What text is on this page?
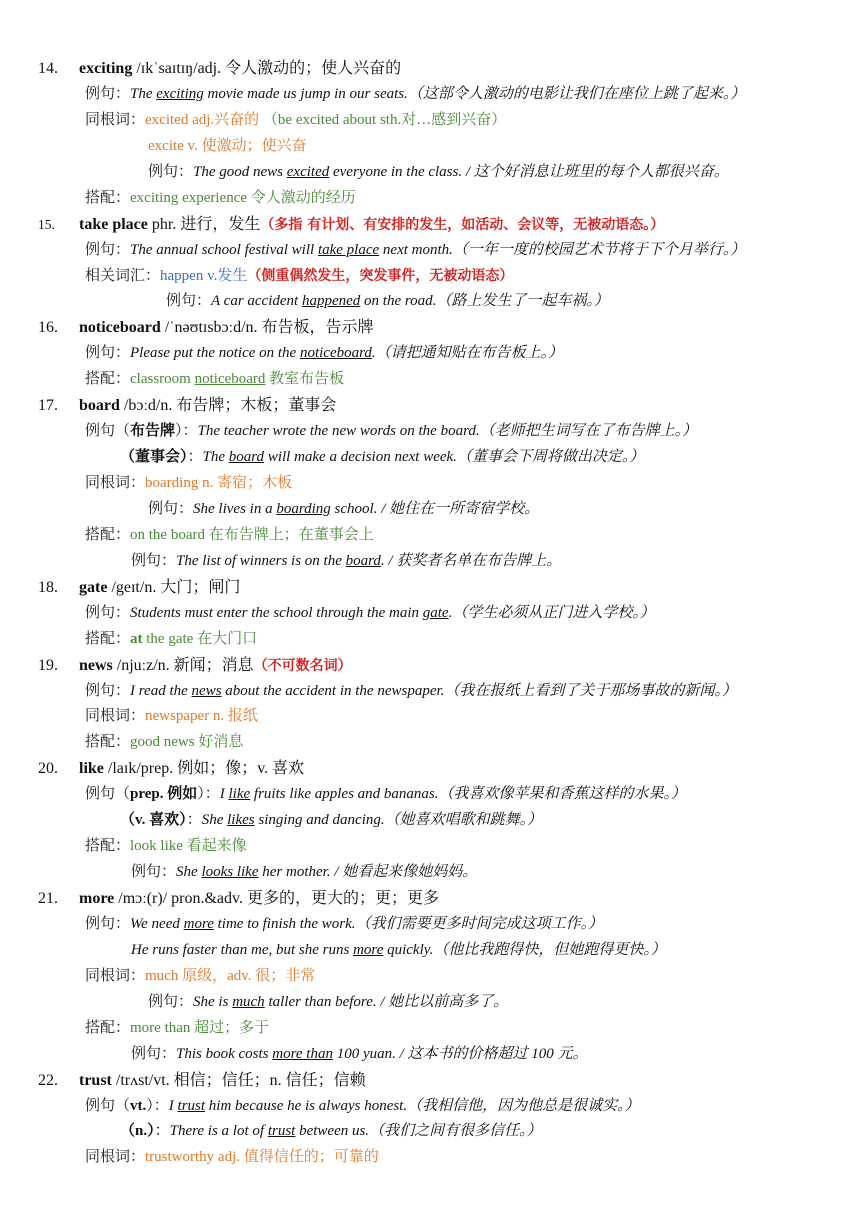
14. exciting /ɪkˈsaɪtɪŋ/adj. 令人激动的；使人兴奋的
例句：The exciting movie made us jump in our seats.（这部令人激动的电影让我们在座位上跳了起来。）
同根词：excited adj.兴奋的 （be excited about sth.对…感到兴奋）
excite v. 使激动；使兴奋
例句：The good news excited everyone in the class. / 这个好消息让班里的每个人都很兴奋。
搭配：exciting experience 令人激动的经历
15. take place phr. 进行，发生（多指 有计划、有安排的发生，如活动、会议等，无被动语态。）
例句：The annual school festival will take place next month.（一年一度的校园艺术节将于下个月举行。）
相关词汇：happen v.发生（侧重偶然发生，突发事件，无被动语态）
例句：A car accident happened on the road.（路上发生了一起车祸。）
16. noticeboard /ˈnəʊtɪsbɔːd/n. 布告板，告示牌
例句：Please put the notice on the noticeboard.（请把通知贴在布告板上。）
搭配：classroom noticeboard 教室布告板
17. board /bɔːd/n. 布告牌；木板；董事会
例句（布告牌）：The teacher wrote the new words on the board.（老师把生词写在了布告牌上。）
（董事会）：The board will make a decision next week.（董事会下周将做出决定。）
同根词：boarding n. 寄宿；木板
例句：She lives in a boarding school. / 她住在一所寄宿学校。
搭配：on the board 在布告牌上；在董事会上
例句：The list of winners is on the board. / 获奖者名单在布告牌上。
18. gate /geɪt/n. 大门；闸门
例句：Students must enter the school through the main gate.（学生必须从正门进入学校。）
搭配：at the gate 在大门口
19. news /njuːz/n. 新闻；消息（不可数名词）
例句：I read the news about the accident in the newspaper.（我在报纸上看到了关于那场事故的新闻。）
同根词：newspaper n. 报纸
搭配：good news 好消息
20. like /laɪk/prep. 例如；像；v. 喜欢
例句（prep. 例如）：I like fruits like apples and bananas.（我喜欢像苹果和香蕉这样的水果。）
（v. 喜欢）：She likes singing and dancing.（她喜欢唱歌和跳舞。）
搭配：look like 看起来像
例句：She looks like her mother. / 她看起来像她妈妈。
21. more /mɔː(r)/ pron.&adv. 更多的，更大的；更；更多
例句：We need more time to finish the work.（我们需要更多时间完成这项工作。）
He runs faster than me, but she runs more quickly.（他比我跑得快，但她跑得更快。）
同根词：much 原级，adv. 很；非常
例句：She is much taller than before. / 她比以前高多了。
搭配：more than 超过；多于
例句：This book costs more than 100 yuan. / 这本书的价格超过 100 元。
22. trust /trʌst/vt. 相信；信任；n. 信任；信赖
例句（vt.）：I trust him because he is always honest.（我相信他，因为他总是很诚实。）
（n.）：There is a lot of trust between us.（我们之间有很多信任。）
同根词：trustworthy adj. 值得信任的；可靠的
